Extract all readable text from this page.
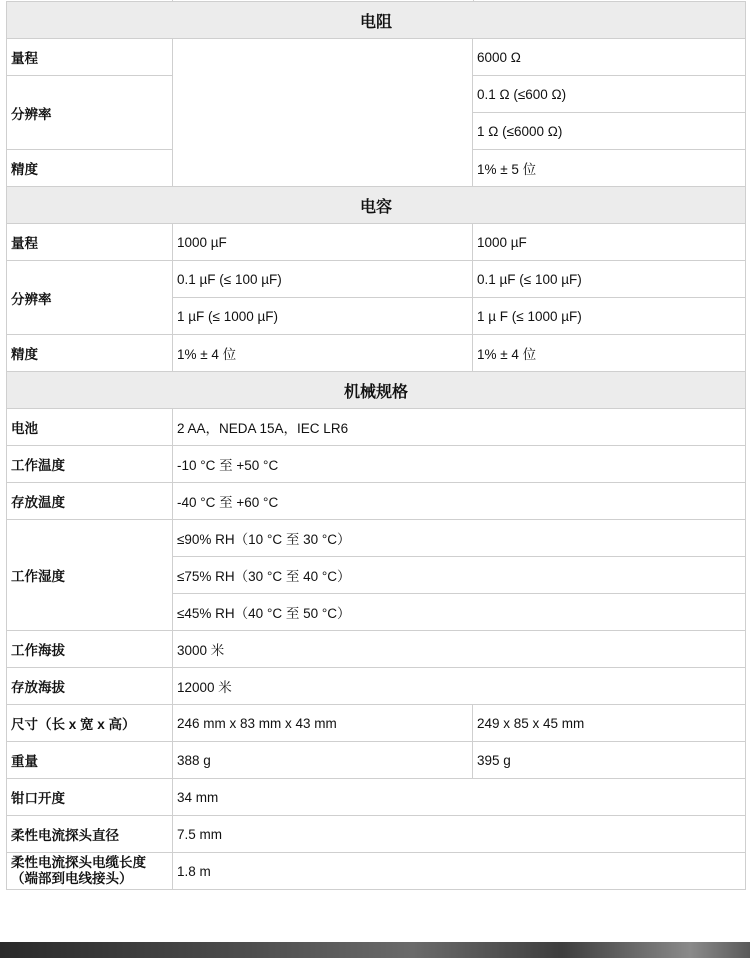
电阻		
量程		6000 Ω
分辨率		0.1 Ω (≤600 Ω)
		1 Ω (≤6000 Ω)
精度		1% ± 5 位
电容		
量程	1000 µF	1000 µF
分辨率	0.1 µF (≤ 100 µF)	0.1 µF (≤ 100 µF)
	1 µF (≤ 1000 µF)	1 µ F (≤ 1000 µF)
精度	1% ± 4 位	1% ± 4 位
机械规格		
电池	2 AA，NEDA 15A，IEC LR6	
工作温度	-10 °C 至 +50 °C	
存放温度	-40 °C 至 +60 °C	
工作湿度	≤90% RH（10 °C 至 30 °C）	
	≤75% RH（30 °C 至 40 °C）	
	≤45% RH（40 °C 至 50 °C）	
工作海拔	3000 米	
存放海拔	12000 米	
尺寸（长 x 宽 x 高）	246 mm x 83 mm x 43 mm	249 x 85 x 45 mm
重量	388 g	395 g
钳口开度	34 mm	
柔性电流探头直径	7.5 mm	
柔性电流探头电缆长度（端部到电线接头）	1.8 m	
